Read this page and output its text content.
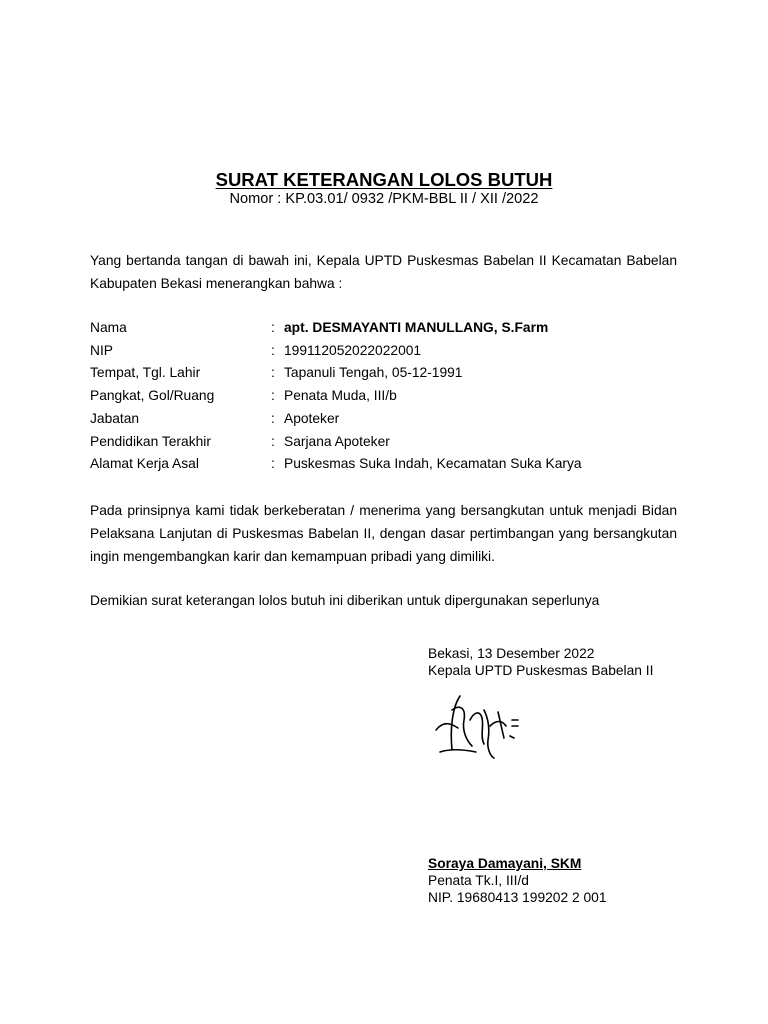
SURAT KETERANGAN LOLOS BUTUH
Nomor : KP.03.01/ 0932 /PKM-BBL II / XII /2022

Yang bertanda tangan di bawah ini, Kepala UPTD Puskesmas Babelan II Kecamatan Babelan Kabupaten Bekasi menerangkan bahwa :

Nama	:	apt. DESMAYANTI MANULLANG, S.Farm
NIP	:	199112052022022001
Tempat, Tgl. Lahir	:	Tapanuli Tengah, 05-12-1991
Pangkat, Gol/Ruang	:	Penata Muda, III/b
Jabatan	:	Apoteker
Pendidikan Terakhir	:	Sarjana Apoteker
Alamat Kerja Asal	:	Puskesmas Suka Indah, Kecamatan Suka Karya

Pada prinsipnya kami tidak berkeberatan / menerima yang bersangkutan untuk menjadi Bidan Pelaksana Lanjutan di Puskesmas Babelan II, dengan dasar pertimbangan yang bersangkutan ingin mengembangkan karir dan kemampuan pribadi yang dimiliki.

Demikian surat keterangan lolos butuh ini diberikan untuk dipergunakan seperlunya

Bekasi, 13 Desember 2022
Kepala UPTD Puskesmas Babelan II
Soraya Damayani, SKM
Penata Tk.I, III/d
NIP. 19680413 199202 2 001
